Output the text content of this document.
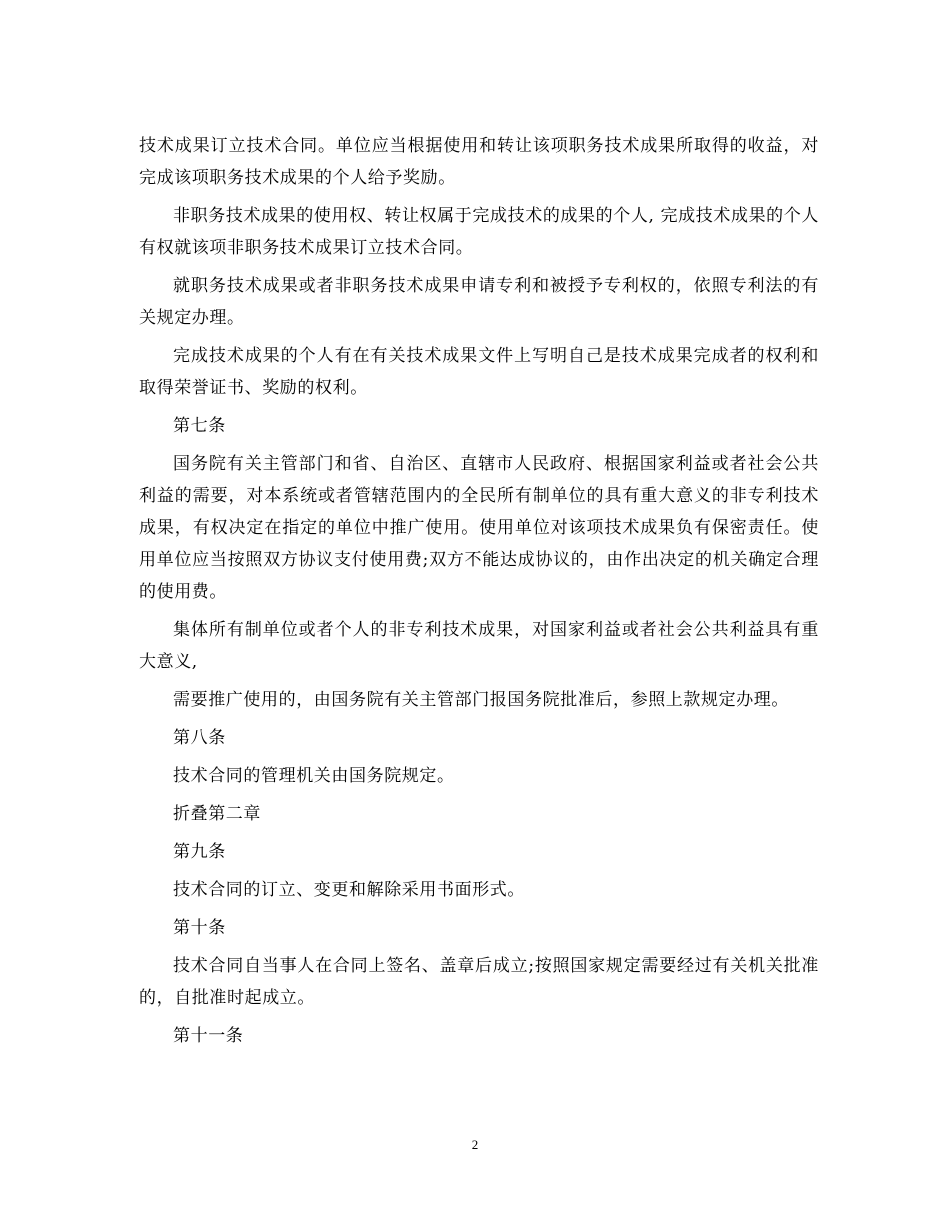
技术成果订立技术合同。单位应当根据使用和转让该项职务技术成果所取得的收益，对完成该项职务技术成果的个人给予奖励。

非职务技术成果的使用权、转让权属于完成技术的成果的个人, 完成技术成果的个人有权就该项非职务技术成果订立技术合同。

就职务技术成果或者非职务技术成果申请专利和被授予专利权的，依照专利法的有关规定办理。

完成技术成果的个人有在有关技术成果文件上写明自己是技术成果完成者的权利和取得荣誉证书、奖励的权利。

第七条

国务院有关主管部门和省、自治区、直辖市人民政府、根据国家利益或者社会公共利益的需要，对本系统或者管辖范围内的全民所有制单位的具有重大意义的非专利技术成果，有权决定在指定的单位中推广使用。使用单位对该项技术成果负有保密责任。使用单位应当按照双方协议支付使用费;双方不能达成协议的，由作出决定的机关确定合理的使用费。

集体所有制单位或者个人的非专利技术成果，对国家利益或者社会公共利益具有重大意义,

需要推广使用的，由国务院有关主管部门报国务院批准后，参照上款规定办理。

第八条

技术合同的管理机关由国务院规定。

折叠第二章

第九条

技术合同的订立、变更和解除采用书面形式。

第十条

技术合同自当事人在合同上签名、盖章后成立;按照国家规定需要经过有关机关批准的，自批准时起成立。

第十一条

2
